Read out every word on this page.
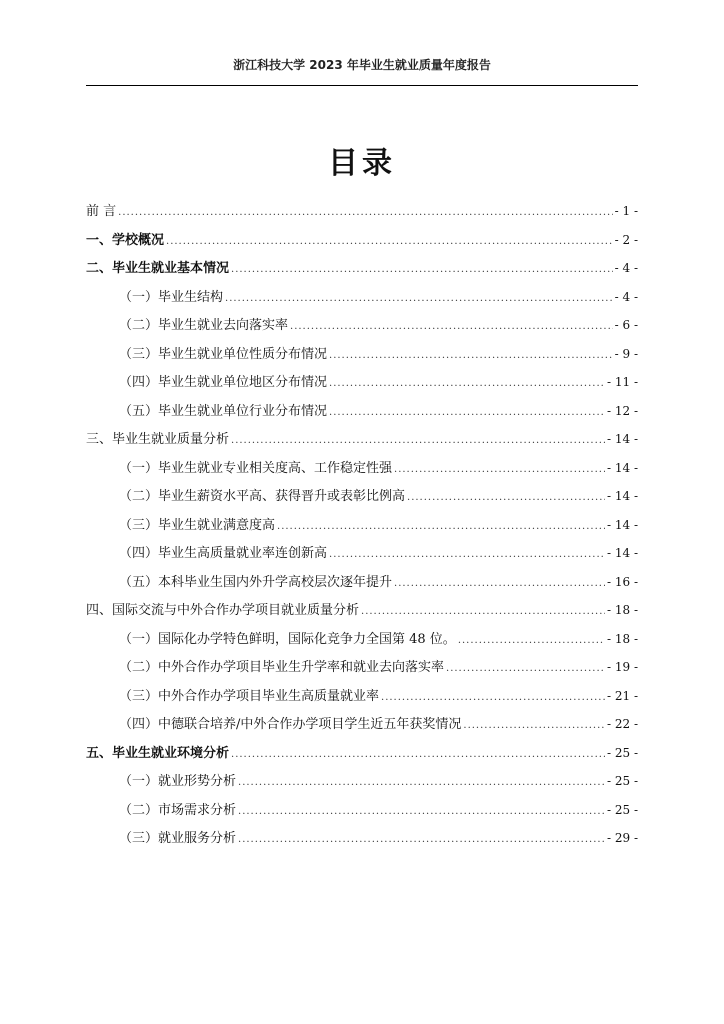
浙江科技大学 2023 年毕业生就业质量年度报告
目录
前 言 .....	- 1 -
一、学校概况 .....	- 2 -
二、毕业生就业基本情况 .....	- 4 -
（一）毕业生结构 .....	- 4 -
（二）毕业生就业去向落实率 .....	- 6 -
（三）毕业生就业单位性质分布情况 .....	- 9 -
（四）毕业生就业单位地区分布情况 .....	- 11 -
（五）毕业生就业单位行业分布情况 .....	- 12 -
三、毕业生就业质量分析 .....	- 14 -
（一）毕业生就业专业相关度高、工作稳定性强 .....	- 14 -
（二）毕业生薪资水平高、获得晋升或表彰比例高 .....	- 14 -
（三）毕业生就业满意度高 .....	- 14 -
（四）毕业生高质量就业率连创新高 .....	- 14 -
（五）本科毕业生国内外升学高校层次逐年提升 .....	- 16 -
四、国际交流与中外合作办学项目就业质量分析 .....	- 18 -
（一）国际化办学特色鲜明，国际化竞争力全国第 48 位。 .....	- 18 -
（二）中外合作办学项目毕业生升学率和就业去向落实率 .....	- 19 -
（三）中外合作办学项目毕业生高质量就业率 .....	- 21 -
（四）中德联合培养/中外合作办学项目学生近五年获奖情况 .....	- 22 -
五、毕业生就业环境分析 .....	- 25 -
（一）就业形势分析 .....	- 25 -
（二）市场需求分析 .....	- 25 -
（三）就业服务分析 .....	- 29 -
